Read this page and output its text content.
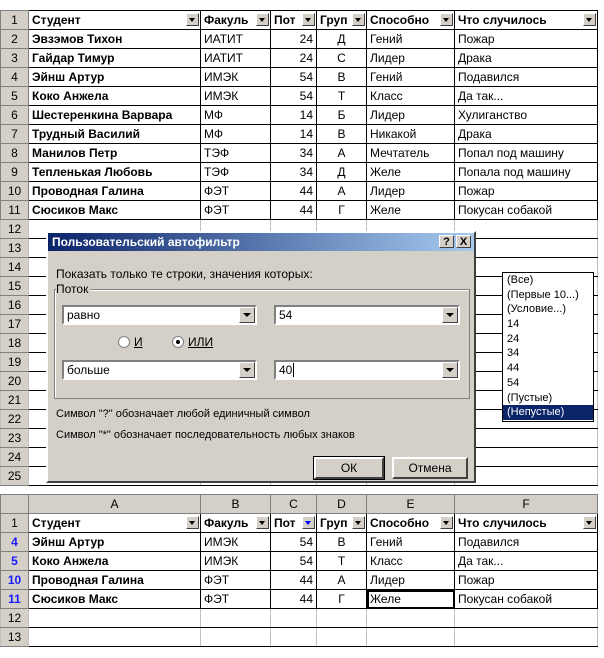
1	Студент	Факуль	Пот	Груп	Способно	Что случилось

2	Эвзэмов Тихон	ИАТИТ	24	Д	Гений	Пожар
3	Гайдар Тимур	ИАТИТ	24	С	Лидер	Драка
4	Эйнш Артур	ИМЭК	54	В	Гений	Подавился
5	Коко Анжела	ИМЭК	54	Т	Класс	Да так...
6	Шестеренкина Варвара	МФ	14	Б	Лидер	Хулиганство
7	Трудный Василий	МФ	14	В	Никакой	Драка
8	Манилов Петр	ТЭФ	34	А	Мечтатель	Попал под машину
9	Тепленькая Любовь	ТЭФ	34	Д	Желе	Попала под машину
10	Проводная Галина	ФЭТ	44	А	Лидер	Пожар
11	Сюсиков Макс	ФЭТ	44	Г	Желе	Покусан собакой
12						
13						
14						
15						
16						
17						
18						
19						
20						
21						
22						
23						
24						
25						
	A	B	C	D	E	F
1	Студент	Факуль	Пот	Груп	Способно	Что случилось

4	Эйнш Артур	ИМЭК	54	В	Гений	Подавился
5	Коко Анжела	ИМЭК	54	Т	Класс	Да так...
10	Проводная Галина	ФЭТ	44	А	Лидер	Пожар
11	Сюсиков Макс	ФЭТ	44	Г	Желе	Покусан собакой
12						
13						
Пользовательский автофильтр	? X
Показать только те строки, значения которых:
Поток
равно	54
И	ИЛИ
больше	40
Символ "?" обозначает любой единичный символ
Символ "*" обозначает последовательность любых знаков
ОК	Отмена
(Все)
(Первые 10...)
(Условие...)
14
24
34
44
54
(Пустые)
(Непустые)
